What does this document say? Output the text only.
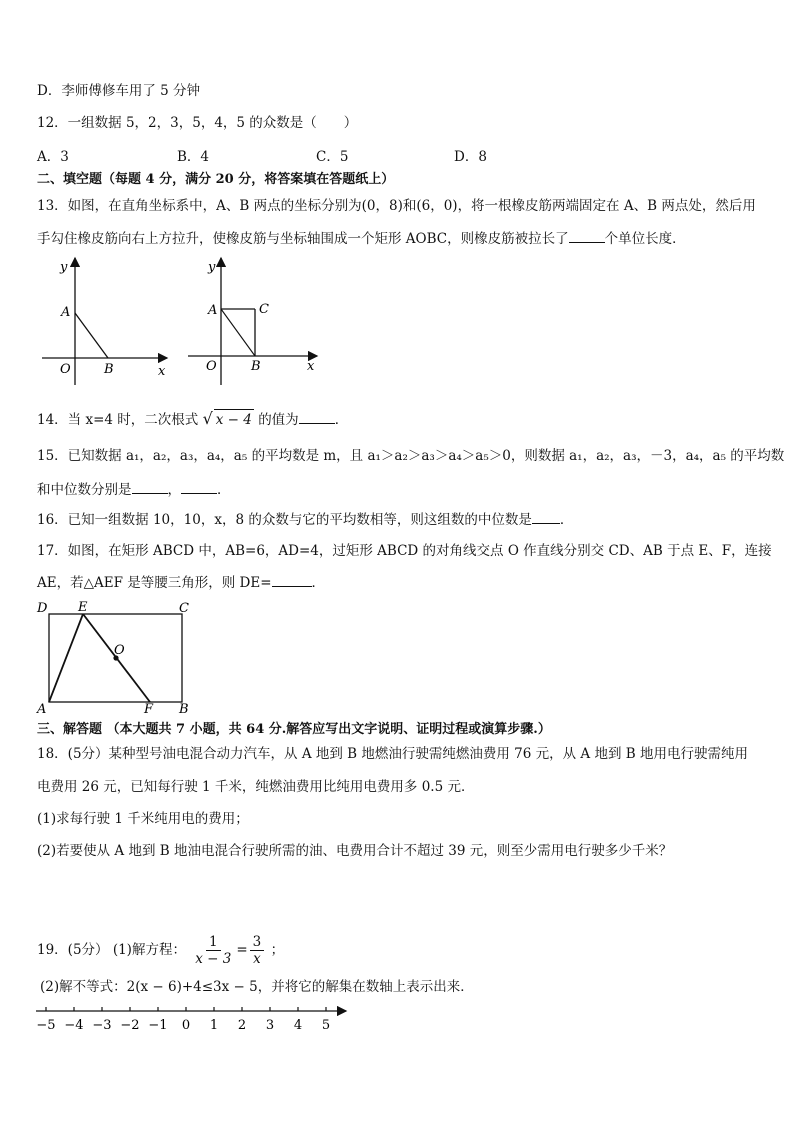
D．李师傅修车用了 5 分钟
12．一组数据 5，2，3，5，4，5 的众数是（　　）
A．3	B．4	C．5	D．8
二、填空题（每题 4 分，满分 20 分，将答案填在答题纸上）
13．如图，在直角坐标系中，A、B 两点的坐标分别为(0，8)和(6，0)，将一根橡皮筋两端固定在 A、B 两点处，然后用
手勾住橡皮筋向右上方拉升，使橡皮筋与坐标轴围成一个矩形 AOBC，则橡皮筋被拉长了	个单位长度．
y
A
O	B	x
y
A	C
O	B	x
14．当 x=4 时，二次根式 √ x − 4 的值为	．
15．已知数据 a₁，a₂，a₃，a₄，a₅ 的平均数是 m，且 a₁＞a₂＞a₃＞a₄＞a₅＞0，则数据 a₁，a₂，a₃，－3，a₄，a₅ 的平均数
和中位数分别是	，	．
16．已知一组数据 10，10，x，8 的众数与它的平均数相等，则这组数的中位数是 ．
17．如图，在矩形 ABCD 中，AB=6，AD=4，过矩形 ABCD 的对角线交点 O 作直线分别交 CD、AB 于点 E、F，连接
AE，若△AEF 是等腰三角形，则 DE=	．
D E	C
O
A	F B
三、解答题 （本大题共 7 小题，共 64 分.解答应写出文字说明、证明过程或演算步骤.）
18．(5分）某种型号油电混合动力汽车，从 A 地到 B 地燃油行驶需纯燃油费用 76 元，从 A 地到 B 地用电行驶需纯用
电费用 26 元，已知每行驶 1 千米，纯燃油费用比纯用电费用多 0.5 元．
(1)求每行驶 1 千米纯用电的费用；
(2)若要使从 A 地到 B 地油电混合行驶所需的油、电费用合计不超过 39 元，则至少需用电行驶多少千米？
19．(5分） (1)解方程： $\frac{1}{x - 3} = \frac{3}{x}$ ；
(2)解不等式：2(x − 6)+4≤3x − 5，并将它的解集在数轴上表示出来．
−5 −4 −3 −2 −1 0 1 2 3 4 5
